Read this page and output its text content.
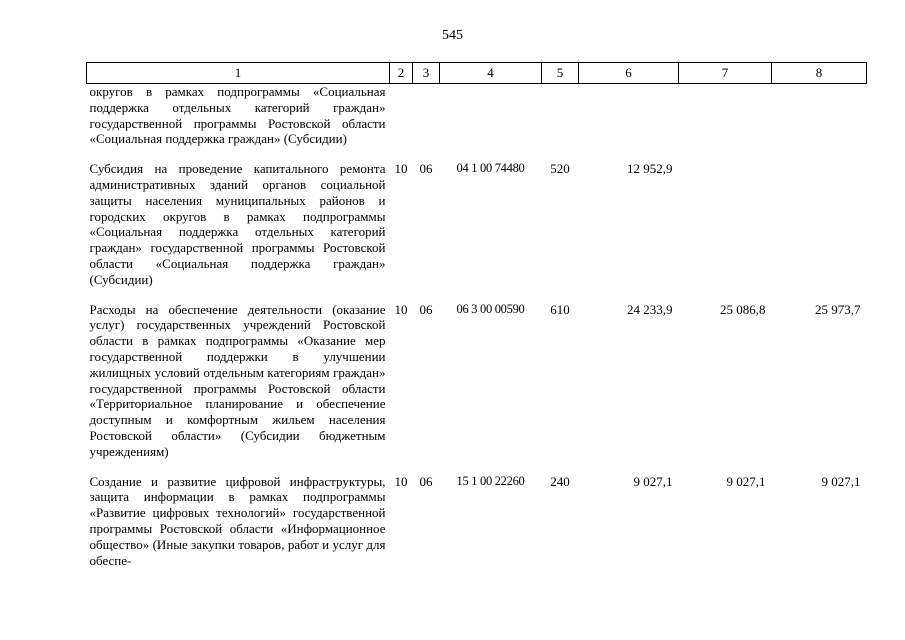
545
1	2	3	4	5	6	7	8
округов в рамках подпрограммы «Социальная поддержка отдельных категорий граждан» государственной программы Ростовской области «Социальная поддержка граждан» (Субсидии)							

Субсидия на проведение капитального ремонта административных зданий органов социальной защиты населения муниципальных районов и городских округов в рамках подпрограммы «Социальная поддержка отдельных категорий граждан» государственной программы Ростовской области «Социальная поддержка граждан» (Субсидии)	10	06	04 1 00 74480	520	12 952,9		

Расходы на обеспечение деятельности (оказание услуг) государственных учреждений Ростовской области в рамках подпрограммы «Оказание мер государственной поддержки в улучшении жилищных условий отдельным категориям граждан» государственной программы Ростовской области «Территориальное планирование и обеспечение доступным и комфортным жильем населения Ростовской области» (Субсидии бюджетным учреждениям)	10	06	06 3 00 00590	610	24 233,9	25 086,8	25 973,7

Создание и развитие цифровой инфраструктуры, защита информации в рамках подпрограммы «Развитие цифровых технологий» государственной программы Ростовской области «Информационное общество» (Иные закупки товаров, работ и услуг для обеспе-	10	06	15 1 00 22260	240	9 027,1	9 027,1	9 027,1
